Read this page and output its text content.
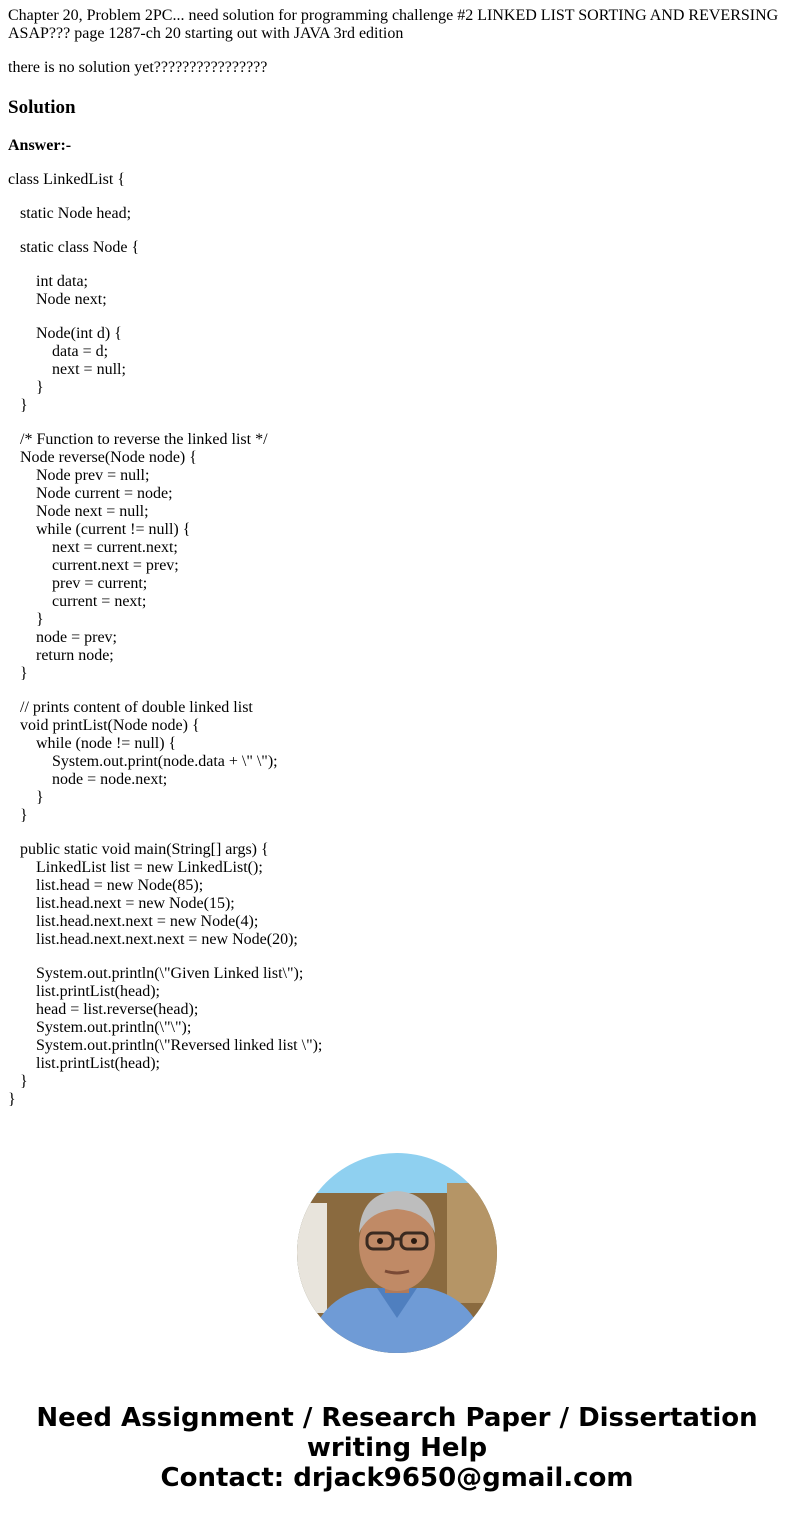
Chapter 20, Problem 2PC... need solution for programming challenge #2 LINKED LIST SORTING AND REVERSING ASAP??? page 1287-ch 20 starting out with JAVA 3rd edition

there is no solution yet????????????????

Solution

Answer:-

class LinkedList {
static Node head;
static class Node {
int data;
Node next;
Node(int d) {
data = d;
next = null;
}
}
/* Function to reverse the linked list */
Node reverse(Node node) {
Node prev = null;
Node current = node;
Node next = null;
while (current != null) {
next = current.next;
current.next = prev;
prev = current;
current = next;
}
node = prev;
return node;
}
// prints content of double linked list
void printList(Node node) {
while (node != null) {
System.out.print(node.data + \" \");
node = node.next;
}
}
public static void main(String[] args) {
LinkedList list = new LinkedList();
list.head = new Node(85);
list.head.next = new Node(15);
list.head.next.next = new Node(4);
list.head.next.next.next = new Node(20);
System.out.println(\"Given Linked list\");
list.printList(head);
head = list.reverse(head);
System.out.println(\"\");
System.out.println(\"Reversed linked list \");
list.printList(head);
}
}
Need Assignment / Research Paper / Dissertation
writing Help
Contact: drjack9650@gmail.com
